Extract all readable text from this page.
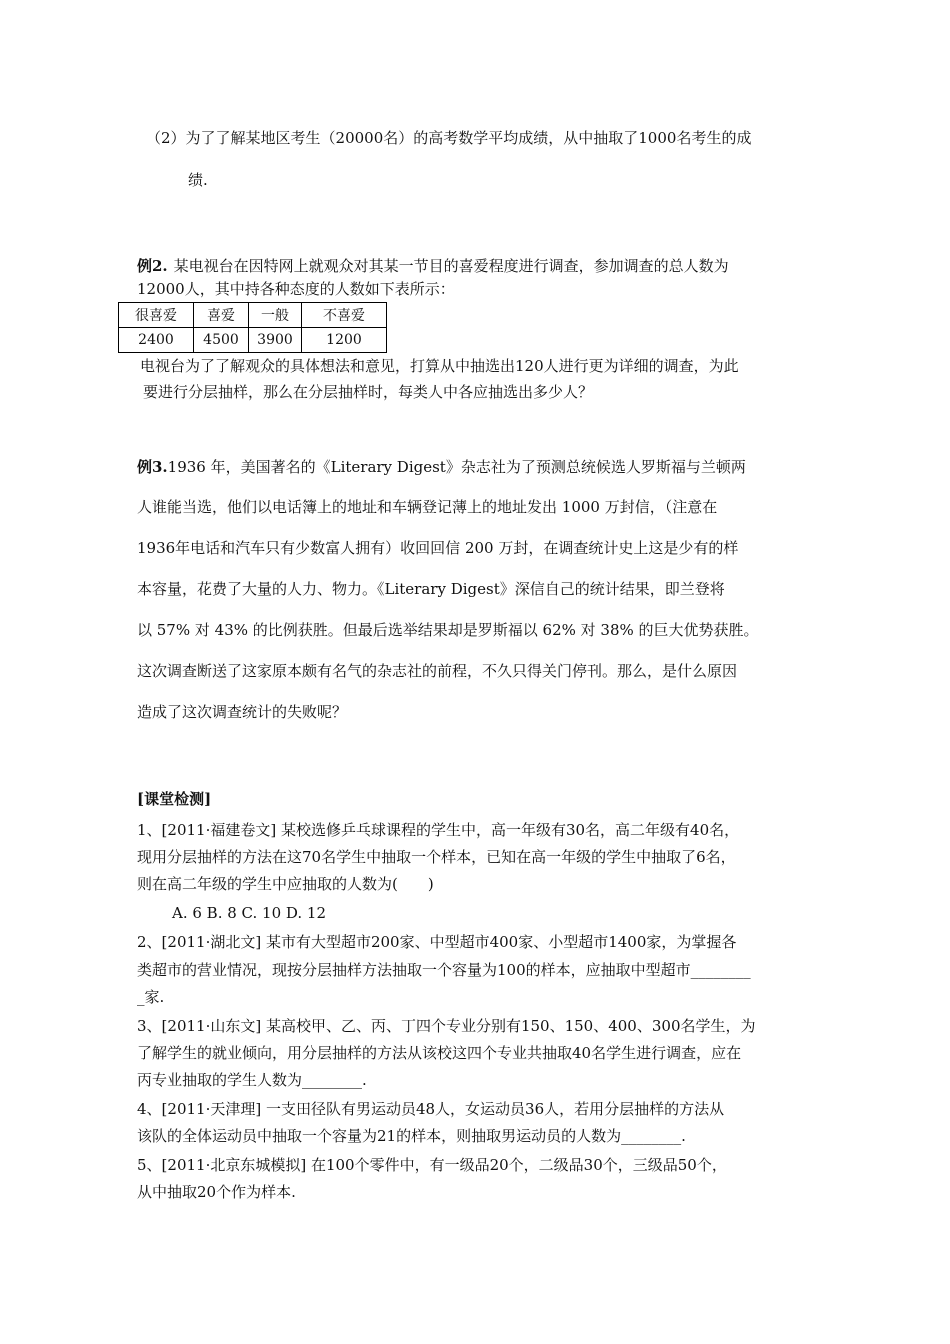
（2）为了了解某地区考生（20000名）的高考数学平均成绩，从中抽取了1000名考生的成
绩.
例2. 某电视台在因特网上就观众对其某一节目的喜爱程度进行调查，参加调查的总人数为
12000人，其中持各种态度的人数如下表所示：
很喜爱	喜爱	一般	不喜爱
2400	4500	3900	1200
电视台为了了解观众的具体想法和意见，打算从中抽选出120人进行更为详细的调查，为此
要进行分层抽样，那么在分层抽样时，每类人中各应抽选出多少人？
例3.1936 年，美国著名的《Literary Digest》杂志社为了预测总统候选人罗斯福与兰顿两
人谁能当选，他们以电话簿上的地址和车辆登记薄上的地址发出 1000 万封信，（注意在
1936年电话和汽车只有少数富人拥有）收回回信 200 万封，在调查统计史上这是少有的样
本容量，花费了大量的人力、物力。《Literary Digest》深信自己的统计结果，即兰登将
以 57% 对 43% 的比例获胜。但最后选举结果却是罗斯福以 62% 对 38% 的巨大优势获胜。
这次调查断送了这家原本颇有名气的杂志社的前程，不久只得关门停刊。那么，是什么原因
造成了这次调查统计的失败呢？
[课堂检测]
1、[2011·福建卷文] 某校选修乒乓球课程的学生中，高一年级有30名，高二年级有40名，
现用分层抽样的方法在这70名学生中抽取一个样本，已知在高一年级的学生中抽取了6名，
则在高二年级的学生中应抽取的人数为(　　)
A. 6 B. 8 C. 10 D. 12
2、[2011·湖北文] 某市有大型超市200家、中型超市400家、小型超市1400家，为掌握各
类超市的营业情况，现按分层抽样方法抽取一个容量为100的样本，应抽取中型超市________
_家.
3、[2011·山东文] 某高校甲、乙、丙、丁四个专业分别有150、150、400、300名学生，为
了解学生的就业倾向，用分层抽样的方法从该校这四个专业共抽取40名学生进行调查，应在
丙专业抽取的学生人数为________.
4、[2011·天津理] 一支田径队有男运动员48人，女运动员36人，若用分层抽样的方法从
该队的全体运动员中抽取一个容量为21的样本，则抽取男运动员的人数为________.
5、[2011·北京东城模拟] 在100个零件中，有一级品20个，二级品30个，三级品50个，
从中抽取20个作为样本.
